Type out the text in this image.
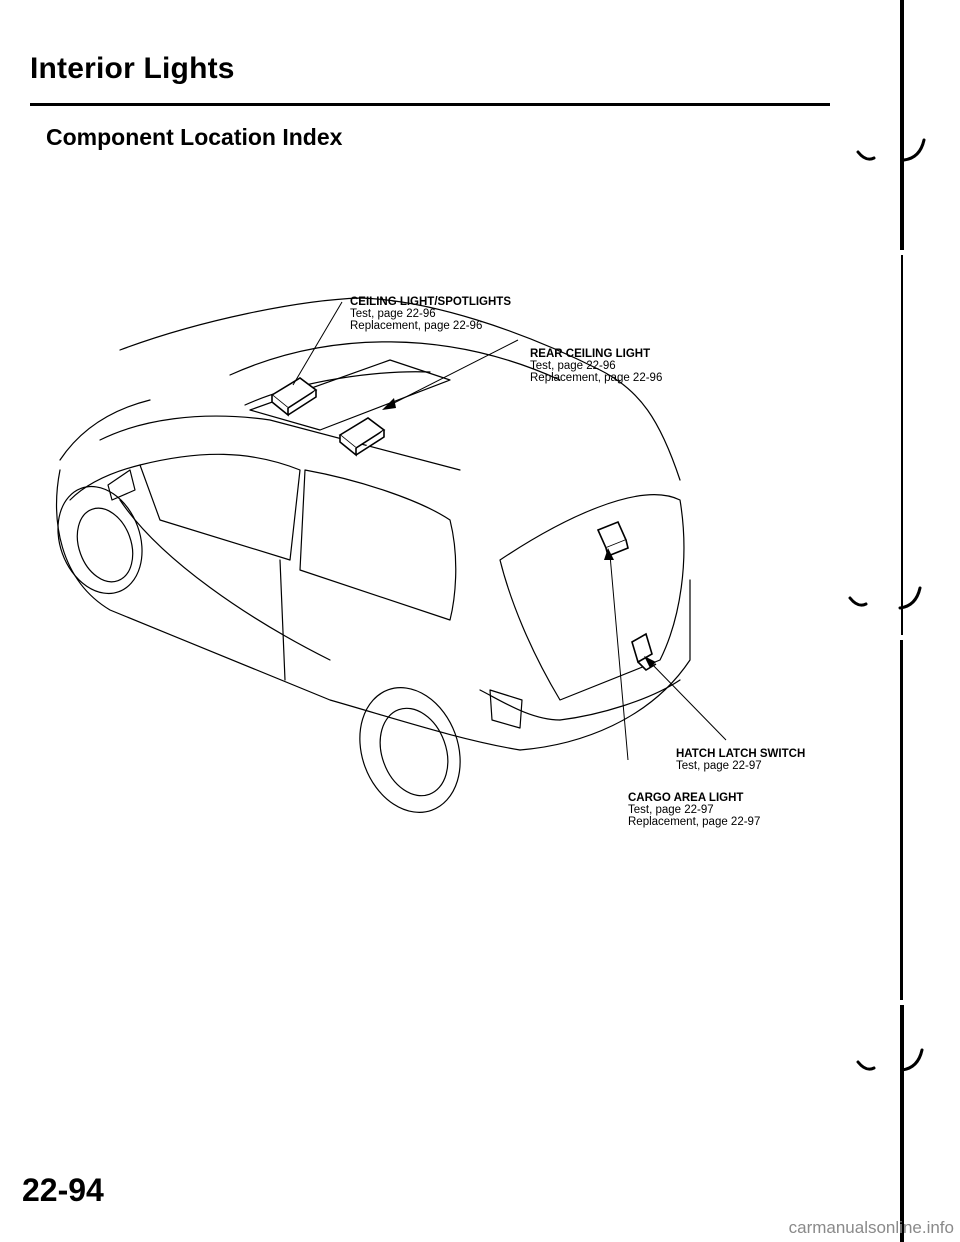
Interior Lights
Component Location Index
CEILING LIGHT/SPOTLIGHTS
Test, page 22-96
Replacement, page 22-96
REAR CEILING LIGHT
Test, page 22-96
Replacement, page 22-96
HATCH LATCH SWITCH
Test, page 22-97
CARGO AREA LIGHT
Test, page 22-97
Replacement, page 22-97
22-94
carmanualsonline.info
